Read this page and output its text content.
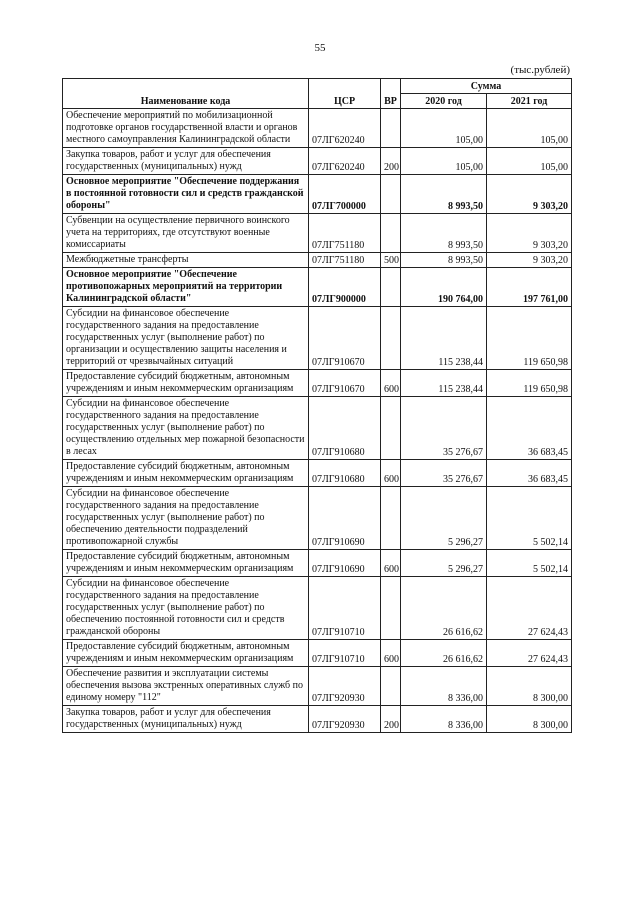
55
(тыс.рублей)
Наименование кода	ЦСР	ВР	Сумма	
			2020 год	2021 год
Обеспечение мероприятий по мобилизационной подготовке органов государственной власти и органов местного самоуправления Калининградской области	07ЛГ620240		105,00	105,00
Закупка товаров, работ и услуг для обеспечения государственных (муниципальных) нужд	07ЛГ620240	200	105,00	105,00
Основное мероприятие "Обеспечение поддержания в постоянной готовности сил и средств гражданской обороны"	07ЛГ700000		8 993,50	9 303,20
Субвенции на осуществление первичного воинского учета на территориях, где отсутствуют военные комиссариаты	07ЛГ751180		8 993,50	9 303,20
Межбюджетные трансферты	07ЛГ751180	500	8 993,50	9 303,20
Основное мероприятие "Обеспечение противопожарных мероприятий на территории Калининградской области"	07ЛГ900000		190 764,00	197 761,00
Субсидии на финансовое обеспечение государственного задания на предоставление государственных услуг (выполнение работ) по организации и осуществлению защиты населения и территорий от чрезвычайных ситуаций	07ЛГ910670		115 238,44	119 650,98
Предоставление субсидий бюджетным, автономным учреждениям и иным некоммерческим организациям	07ЛГ910670	600	115 238,44	119 650,98
Субсидии на финансовое обеспечение государственного задания на предоставление государственных услуг (выполнение работ) по осуществлению отдельных мер пожарной безопасности в лесах	07ЛГ910680		35 276,67	36 683,45
Предоставление субсидий бюджетным, автономным учреждениям и иным некоммерческим организациям	07ЛГ910680	600	35 276,67	36 683,45
Субсидии на финансовое обеспечение государственного задания на предоставление государственных услуг (выполнение работ) по обеспечению деятельности подразделений противопожарной службы	07ЛГ910690		5 296,27	5 502,14
Предоставление субсидий бюджетным, автономным учреждениям и иным некоммерческим организациям	07ЛГ910690	600	5 296,27	5 502,14
Субсидии на финансовое обеспечение государственного задания на предоставление государственных услуг (выполнение работ) по обеспечению постоянной готовности сил и средств гражданской обороны	07ЛГ910710		26 616,62	27 624,43
Предоставление субсидий бюджетным, автономным учреждениям и иным некоммерческим организациям	07ЛГ910710	600	26 616,62	27 624,43
Обеспечение развития и эксплуатации системы обеспечения вызова экстренных оперативных служб по единому номеру "112"	07ЛГ920930		8 336,00	8 300,00
Закупка товаров, работ и услуг для обеспечения государственных (муниципальных) нужд	07ЛГ920930	200	8 336,00	8 300,00
